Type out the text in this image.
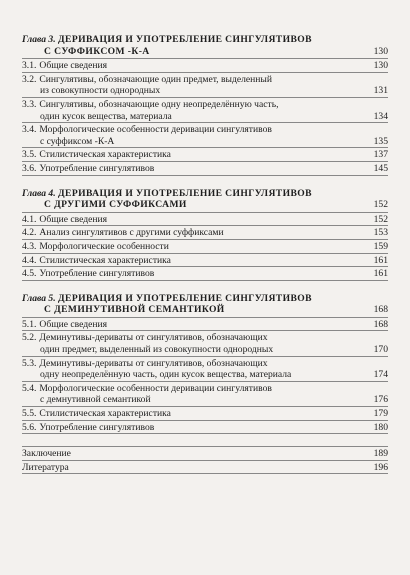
Глава 3. ДЕРИВАЦИЯ И УПОТРЕБЛЕНИЕ СИНГУЛЯТИВОВ
С СУФФИКСОМ -К-А	130
3.1. Общие сведения	130
3.2. Сингулятивы, обозначающие один предмет, выделенный
из совокупности однородных	131
3.3. Сингулятивы, обозначающие одну неопределённую часть,
один кусок вещества, материала	134
3.4. Морфологические особенности деривации сингулятивов
с суффиксом -К-А	135
3.5. Стилистическая характеристика	137
3.6. Употребление сингулятивов	145
Глава 4. ДЕРИВАЦИЯ И УПОТРЕБЛЕНИЕ СИНГУЛЯТИВОВ
С ДРУГИМИ СУФФИКСАМИ	152
4.1. Общие сведения	152
4.2. Анализ сингулятивов с другими суффиксами	153
4.3. Морфологические особенности	159
4.4. Стилистическая характеристика	161
4.5. Употребление сингулятивов	161
Глава 5. ДЕРИВАЦИЯ И УПОТРЕБЛЕНИЕ СИНГУЛЯТИВОВ
С ДЕМИНУТИВНОЙ СЕМАНТИКОЙ	168
5.1. Общие сведения	168
5.2. Деминутивы-дериваты от сингулятивов, обозначающих
один предмет, выделенный из совокупности однородных	170
5.3. Деминутивы-дериваты от сингулятивов, обозначающих
одну неопределённую часть, один кусок вещества, материала	174
5.4. Морфологические особенности деривации сингулятивов
с демнутивной семантикой	176
5.5. Стилистическая характеристика	179
5.6. Употребление сингулятивов	180
Заключение	189
Литература	196
